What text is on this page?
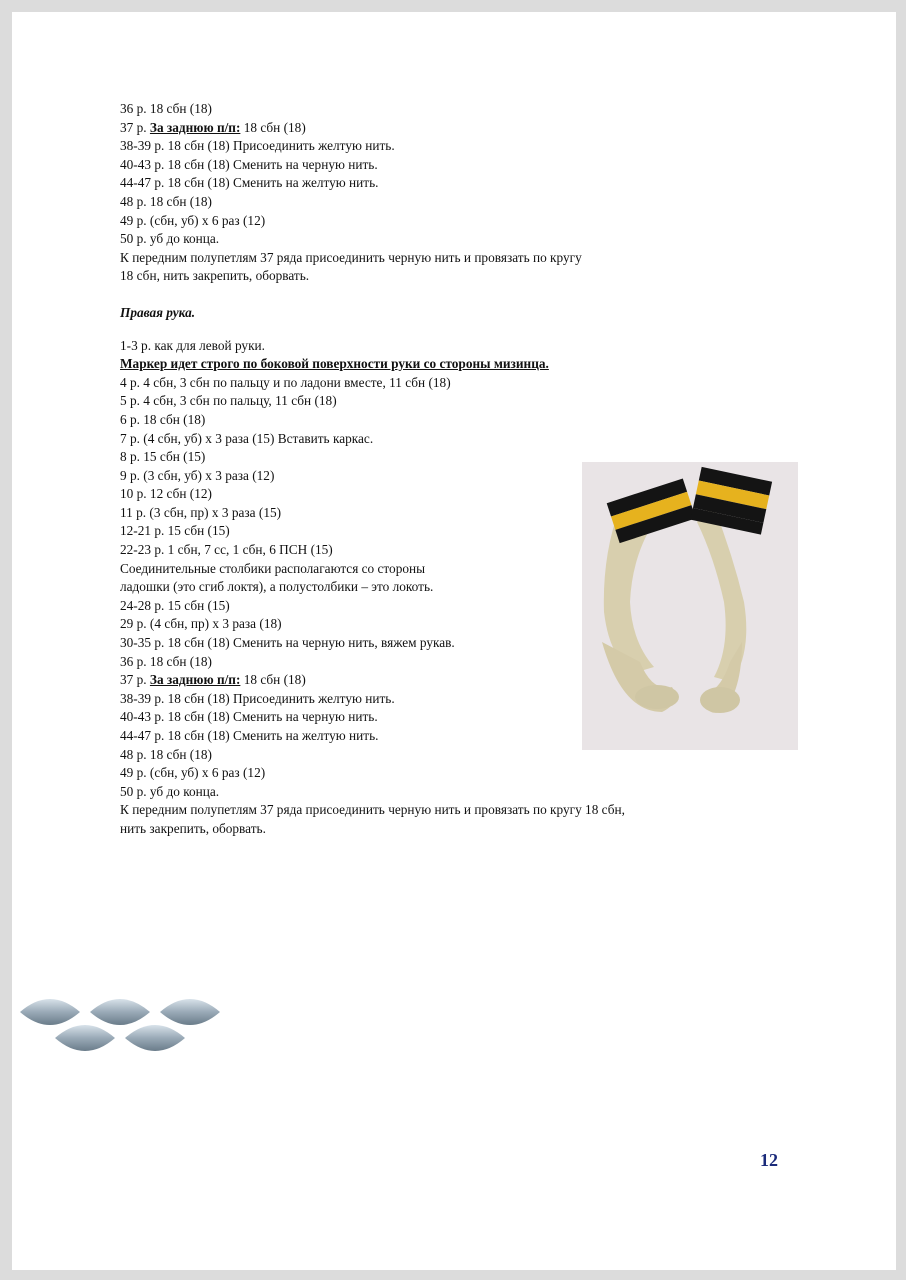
36 р. 18 сбн (18)
37 р. За заднюю п/п: 18 сбн (18)
38-39 р. 18 сбн (18) Присоединить желтую нить.
40-43 р. 18 сбн (18) Сменить на черную нить.
44-47 р. 18 сбн (18) Сменить на желтую нить.
48 р. 18 сбн (18)
49 р. (сбн, уб) х 6 раз (12)
50 р. уб до конца.
К передним полупетлям 37 ряда присоединить черную нить и провязать по кругу
18 сбн, нить закрепить, оборвать.
Правая рука.
1-3 р. как для левой руки.
Маркер идет строго по боковой поверхности руки со стороны мизинца.
4 р. 4 сбн, 3 сбн по пальцу и по ладони вместе, 11 сбн (18)
5 р. 4 сбн, 3 сбн по пальцу, 11 сбн (18)
6 р. 18 сбн (18)
7 р. (4 сбн, уб) х 3 раза (15) Вставить каркас.
8 р. 15 сбн (15)
9 р. (3 сбн, уб) х 3 раза (12)
10 р. 12 сбн (12)
11 р. (3 сбн, пр) х 3 раза (15)
12-21 р. 15 сбн (15)
22-23 р. 1 сбн, 7 сс, 1 сбн, 6 ПСН (15)
Соединительные столбики располагаются со стороны
ладошки (это сгиб локтя), а полустолбики – это локоть.
24-28 р. 15 сбн (15)
29 р. (4 сбн, пр) х 3 раза (18)
30-35 р. 18 сбн (18) Сменить на черную нить, вяжем рукав.
36 р. 18 сбн (18)
37 р. За заднюю п/п: 18 сбн (18)
38-39 р. 18 сбн (18) Присоединить желтую нить.
40-43 р. 18 сбн (18) Сменить на черную нить.
44-47 р. 18 сбн (18) Сменить на желтую нить.
48 р. 18 сбн (18)
49 р. (сбн, уб) х 6 раз (12)
50 р. уб до конца.
К передним полупетлям 37 ряда присоединить черную нить и провязать по кругу 18 сбн,
нить закрепить, оборвать.
12
